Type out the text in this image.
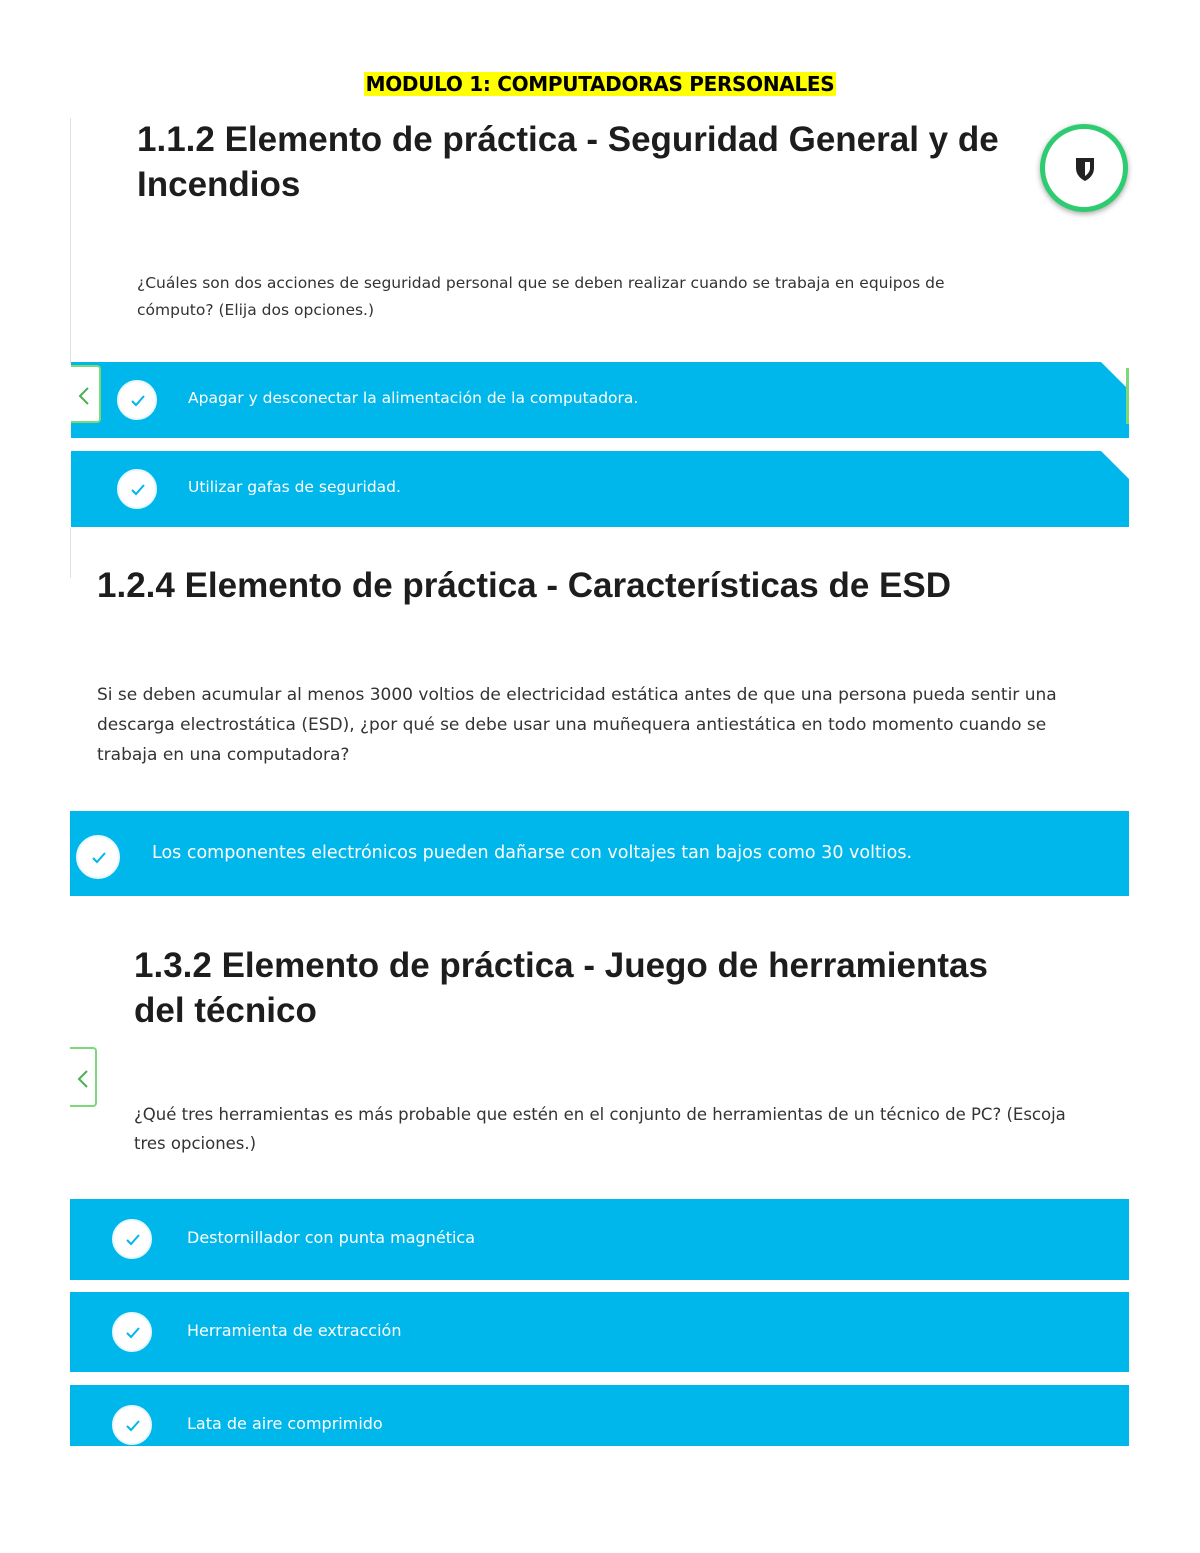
MODULO 1: COMPUTADORAS PERSONALES
1.1.2 Elemento de práctica - Seguridad General y de
Incendios

¿Cuáles son dos acciones de seguridad personal que se deben realizar cuando se trabaja en equipos de
cómputo? (Elija dos opciones.)

Apagar y desconectar la alimentación de la computadora.
Utilizar gafas de seguridad.
1.2.4 Elemento de práctica - Características de ESD

Si se deben acumular al menos 3000 voltios de electricidad estática antes de que una persona pueda sentir una
descarga electrostática (ESD), ¿por qué se debe usar una muñequera antiestática en todo momento cuando se
trabaja en una computadora?

Los componentes electrónicos pueden dañarse con voltajes tan bajos como 30 voltios.
1.3.2 Elemento de práctica - Juego de herramientas
del técnico

¿Qué tres herramientas es más probable que estén en el conjunto de herramientas de un técnico de PC? (Escoja
tres opciones.)

Destornillador con punta magnética
Herramienta de extracción
Lata de aire comprimido
